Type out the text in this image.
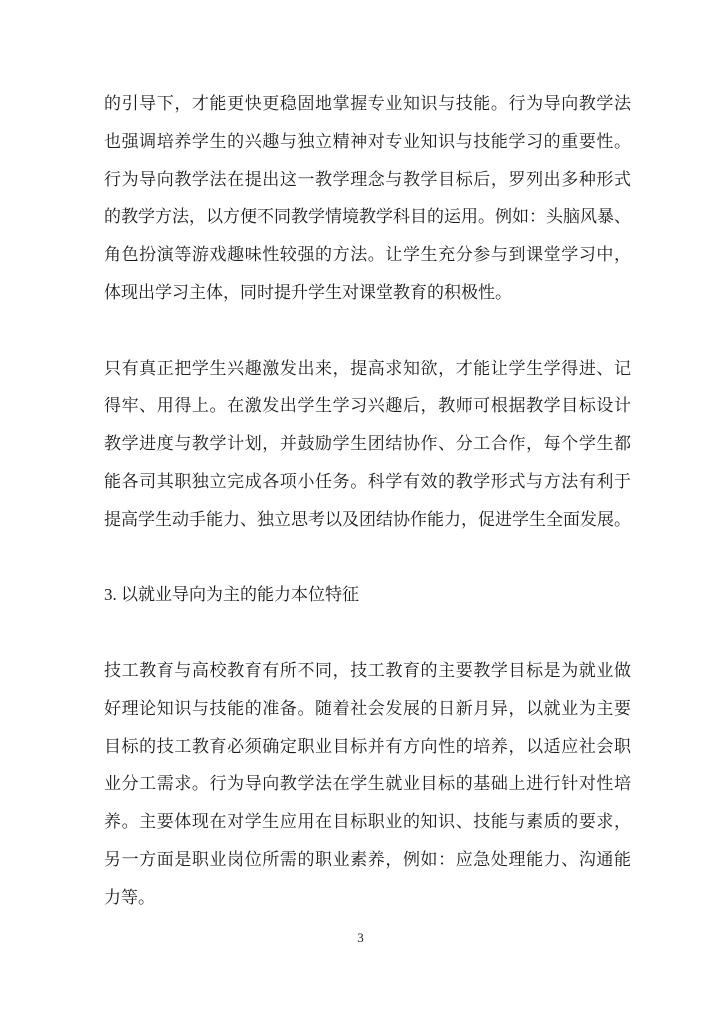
的引导下，才能更快更稳固地掌握专业知识与技能。行为导向教学法
也强调培养学生的兴趣与独立精神对专业知识与技能学习的重要性。
行为导向教学法在提出这一教学理念与教学目标后，罗列出多种形式
的教学方法，以方便不同教学情境教学科目的运用。例如：头脑风暴、
角色扮演等游戏趣味性较强的方法。让学生充分参与到课堂学习中，
体现出学习主体，同时提升学生对课堂教育的积极性。
只有真正把学生兴趣激发出来，提高求知欲，才能让学生学得进、记
得牢、用得上。在激发出学生学习兴趣后，教师可根据教学目标设计
教学进度与教学计划，并鼓励学生团结协作、分工合作，每个学生都
能各司其职独立完成各项小任务。科学有效的教学形式与方法有利于
提高学生动手能力、独立思考以及团结协作能力，促进学生全面发展。
3. 以就业导向为主的能力本位特征
技工教育与高校教育有所不同，技工教育的主要教学目标是为就业做
好理论知识与技能的准备。随着社会发展的日新月异，以就业为主要
目标的技工教育必须确定职业目标并有方向性的培养，以适应社会职
业分工需求。行为导向教学法在学生就业目标的基础上进行针对性培
养。主要体现在对学生应用在目标职业的知识、技能与素质的要求，
另一方面是职业岗位所需的职业素养，例如：应急处理能力、沟通能
力等。
3
